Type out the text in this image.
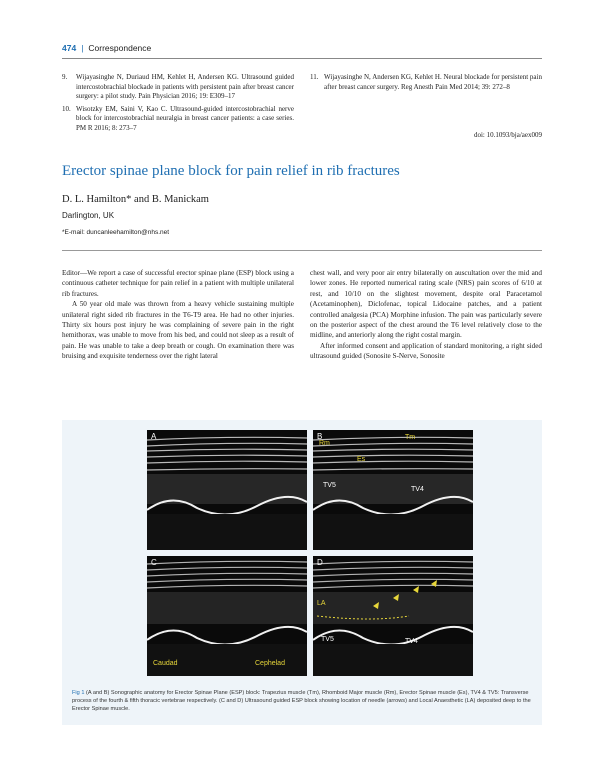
474 | Correspondence
9.	Wijayasinghe N, Duriaud HM, Kehlet H, Andersen KG. Ultrasound guided intercostobrachial blockade in patients with persistent pain after breast cancer surgery: a pilot study. Pain Physician 2016; 19: E309–17
10. Wisotzky EM, Saini V, Kao C. Ultrasound-guided intercostobrachial nerve block for intercostobrachial neuralgia in breast cancer patients: a case series. PM R 2016; 8: 273–7
11. Wijayasinghe N, Andersen KG, Kehlet H. Neural blockade for persistent pain after breast cancer surgery. Reg Anesth Pain Med 2014; 39: 272–8
doi: 10.1093/bja/aex009
Erector spinae plane block for pain relief in rib fractures
D. L. Hamilton* and B. Manickam
Darlington, UK
*E-mail: duncanleehamilton@nhs.net

Editor—We report a case of successful erector spinae plane (ESP) block using a continuous catheter technique for pain relief in a patient with multiple unilateral rib fractures.

A 50 year old male was thrown from a heavy vehicle sustaining multiple unilateral right sided rib fractures in the T6-T9 area. He had no other injuries. Thirty six hours post injury he was complaining of severe pain in the right hemithorax, was unable to move from his bed, and could not sleep as a result of pain. He was unable to take a deep breath or cough. On examination there was bruising and exquisite tenderness over the right lateral

chest wall, and very poor air entry bilaterally on auscultation over the mid and lower zones. He reported numerical rating scale (NRS) pain scores of 6/10 at rest, and 10/10 on the slightest movement, despite oral Paracetamol (Acetaminophen), Diclofenac, topical Lidocaine patches, and a patient controlled analgesia (PCA) Morphine infusion. The pain was particularly severe on the posterior aspect of the chest around the T6 level relatively close to the midline, and anteriorly along the right costal margin.

After informed consent and application of standard monitoring, a right sided ultrasound guided (Sonosite S-Nerve, Sonosite

A	B
Rm
Tm
Es
TV5
TV4
C
Caudad	Cephelad
D
LA
TV5	TV4
Fig 1 (A and B) Sonographic anatomy for Erector Spinae Plane (ESP) block: Trapezius muscle (Tm), Rhomboid Major muscle (Rm), Erector Spinae muscle (Es), TV4 & TV5: Transverse process of the fourth & fifth thoracic vertebrae respectively. (C and D) Ultrasound guided ESP block showing location of needle (arrows) and Local Anaesthetic (LA) deposited deep to the Erector Spinae muscle.
